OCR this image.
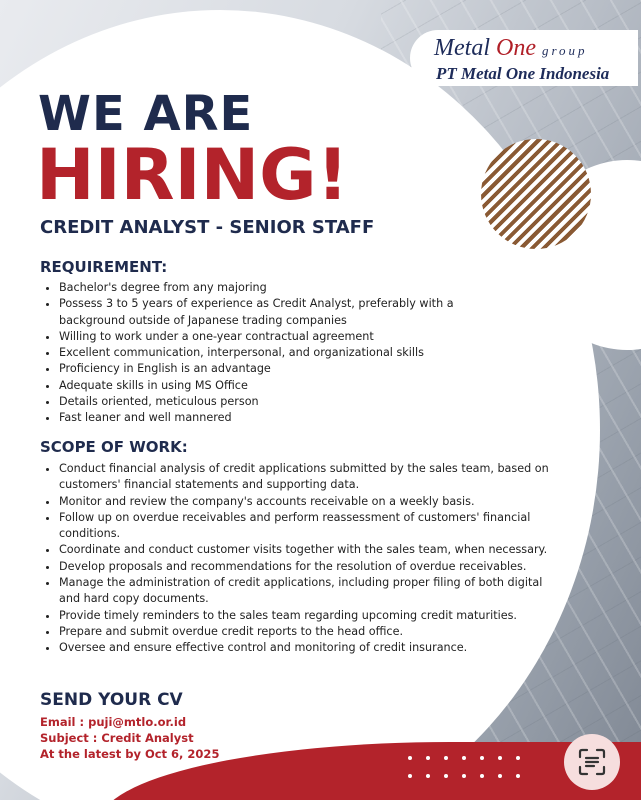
Metal One group
PT Metal One Indonesia
WE ARE
HIRING!
CREDIT ANALYST - SENIOR STAFF
REQUIREMENT:
• Bachelor's degree from any majoring
• Possess 3 to 5 years of experience as Credit Analyst, preferably with a background outside of Japanese trading companies
• Willing to work under a one-year contractual agreement
• Excellent communication, interpersonal, and organizational skills
• Proficiency in English is an advantage
• Adequate skills in using MS Office
• Details oriented, meticulous person
• Fast leaner and well mannered
SCOPE OF WORK:
• Conduct financial analysis of credit applications submitted by the sales team, based on customers' financial statements and supporting data.
• Monitor and review the company's accounts receivable on a weekly basis.
• Follow up on overdue receivables and perform reassessment of customers' financial conditions.
• Coordinate and conduct customer visits together with the sales team, when necessary.
• Develop proposals and recommendations for the resolution of overdue receivables.
• Manage the administration of credit applications, including proper filing of both digital and hard copy documents.
• Provide timely reminders to the sales team regarding upcoming credit maturities.
• Prepare and submit overdue credit reports to the head office.
• Oversee and ensure effective control and monitoring of credit insurance.
SEND YOUR CV
Email : puji@mtlo.or.id
Subject : Credit Analyst
At the latest by Oct 6, 2025
